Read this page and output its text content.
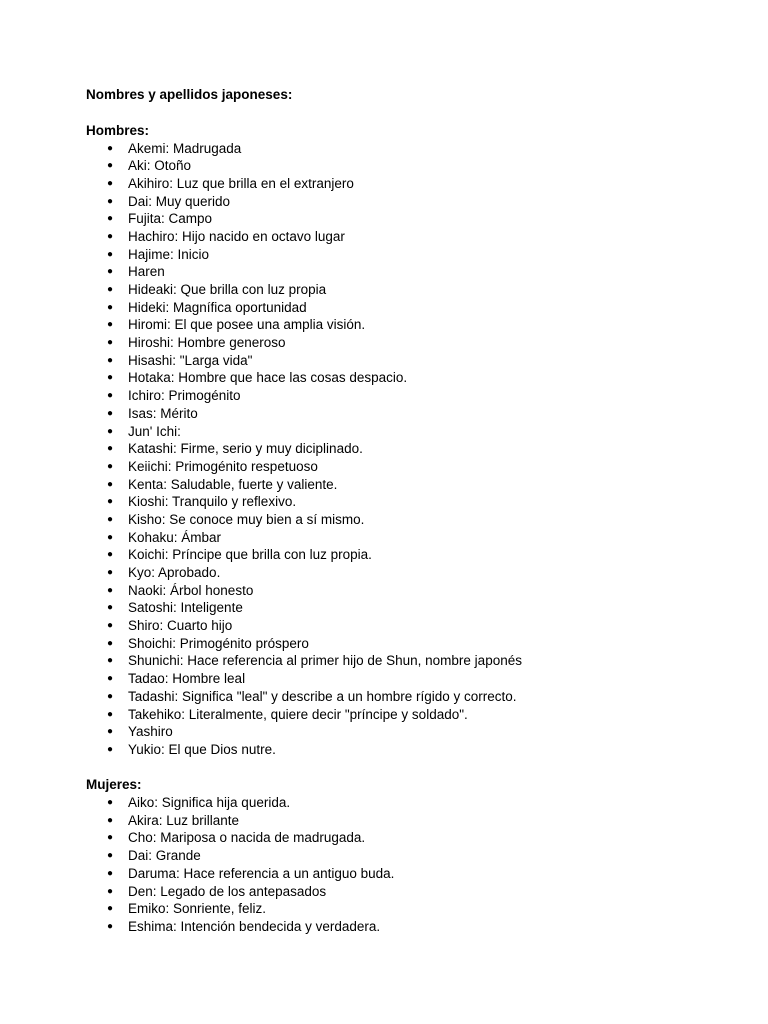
Nombres y apellidos japoneses:
Hombres:
●	Akemi: Madrugada
●	Aki: Otoño
●	Akihiro: Luz que brilla en el extranjero
●	Dai: Muy querido
●	Fujita: Campo
●	Hachiro: Hijo nacido en octavo lugar
●	Hajime: Inicio
●	Haren
●	Hideaki: Que brilla con luz propia
●	Hideki: Magnífica oportunidad
●	Hiromi: El que posee una amplia visión.
●	Hiroshi: Hombre generoso
●	Hisashi: "Larga vida"
●	Hotaka: Hombre que hace las cosas despacio.
●	Ichiro: Primogénito
●	Isas: Mérito
●	Jun' Ichi:
●	Katashi: Firme, serio y muy diciplinado.
●	Keiichi: Primogénito respetuoso
●	Kenta: Saludable, fuerte y valiente.
●	Kioshi: Tranquilo y reflexivo.
●	Kisho: Se conoce muy bien a sí mismo.
●	Kohaku: Ámbar
●	Koichi: Príncipe que brilla con luz propia.
●	Kyo: Aprobado.
●	Naoki: Árbol honesto
●	Satoshi: Inteligente
●	Shiro: Cuarto hijo
●	Shoichi: Primogénito próspero
●	Shunichi: Hace referencia al primer hijo de Shun, nombre japonés
●	Tadao: Hombre leal
●	Tadashi: Significa "leal" y describe a un hombre rígido y correcto.
●	Takehiko: Literalmente, quiere decir "príncipe y soldado".
●	Yashiro
●	Yukio: El que Dios nutre.
Mujeres:
●	Aiko: Significa hija querida.
●	Akira: Luz brillante
●	Cho: Mariposa o nacida de madrugada.
●	Dai: Grande
●	Daruma: Hace referencia a un antiguo buda.
●	Den: Legado de los antepasados
●	Emiko: Sonriente, feliz.
●	Eshima: Intención bendecida y verdadera.
